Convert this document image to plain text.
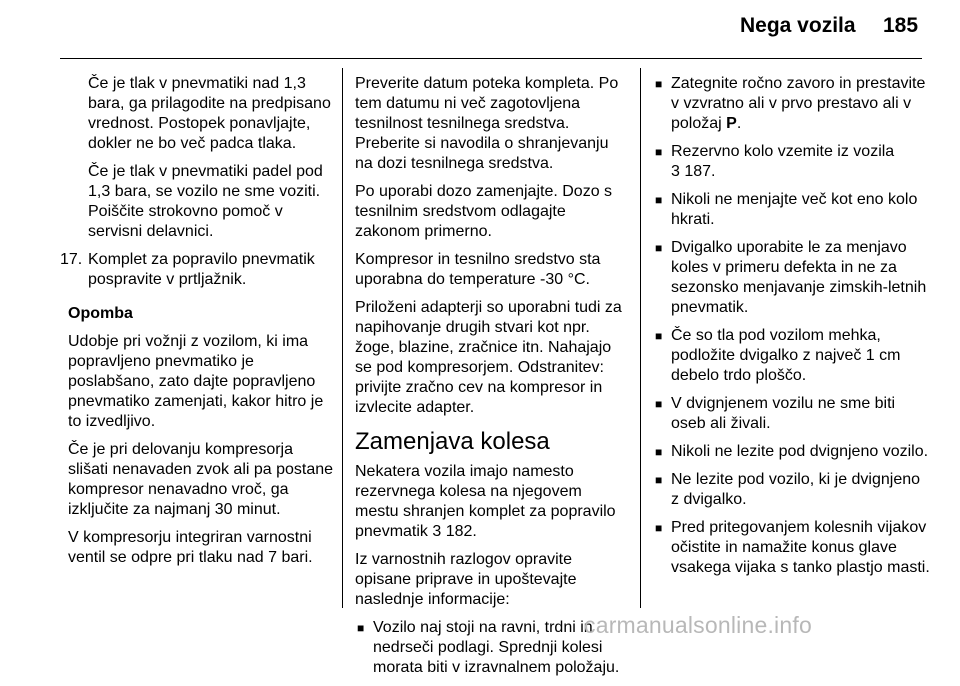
Nega vozila 185

Če je tlak v pnevmatiki nad 1,3 bara, ga prilagodite na predpisano vrednost. Postopek ponavljajte, dokler ne bo več padca tlaka.

Če je tlak v pnevmatiki padel pod 1,3 bara, se vozilo ne sme voziti. Poiščite strokovno pomoč v servisni delavnici.

17. Komplet za popravilo pnevmatik pospravite v prtljažnik.

Opomba

Udobje pri vožnji z vozilom, ki ima popravljeno pnevmatiko je poslabšano, zato dajte popravljeno pnevmatiko zamenjati, kakor hitro je to izvedljivo.

Če je pri delovanju kompresorja slišati nenavaden zvok ali pa postane kompresor nenavadno vroč, ga izključite za najmanj 30 minut.

V kompresorju integriran varnostni ventil se odpre pri tlaku nad 7 bari.

Preverite datum poteka kompleta. Po tem datumu ni več zagotovljena tesnilnost tesnilnega sredstva. Preberite si navodila o shranjevanju na dozi tesnilnega sredstva.

Po uporabi dozo zamenjajte. Dozo s tesnilnim sredstvom odlagajte zakonom primerno.

Kompresor in tesnilno sredstvo sta uporabna do temperature -30 °C.

Priloženi adapterji so uporabni tudi za napihovanje drugih stvari kot npr. žoge, blazine, zračnice itn. Nahajajo se pod kompresorjem. Odstranitev: privijte zračno cev na kompresor in izvlecite adapter.

Zamenjava kolesa

Nekatera vozila imajo namesto rezervnega kolesa na njegovem mestu shranjen komplet za popravilo pnevmatik 3 182.

Iz varnostnih razlogov opravite opisane priprave in upoštevajte naslednje informacije:

■ Vozilo naj stoji na ravni, trdni in nedrseči podlagi. Sprednji kolesi morata biti v izravnalnem položaju.
■ Zategnite ročno zavoro in prestavite v vzvratno ali v prvo prestavo ali v položaj P.
■ Rezervno kolo vzemite iz vozila
3 187.
■ Nikoli ne menjajte več kot eno kolo hkrati.
■ Dvigalko uporabite le za menjavo koles v primeru defekta in ne za sezonsko menjavanje zimskih-letnih pnevmatik.
■ Če so tla pod vozilom mehka, podložite dvigalko z največ 1 cm debelo trdo ploščo.
■ V dvignjenem vozilu ne sme biti oseb ali živali.
■ Nikoli ne lezite pod dvignjeno vozilo.
■ Ne lezite pod vozilo, ki je dvignjeno z dvigalko.
■ Pred pritegovanjem kolesnih vijakov očistite in namažite konus glave vsakega vijaka s tanko plastjo masti.
carmanualsonline.info
